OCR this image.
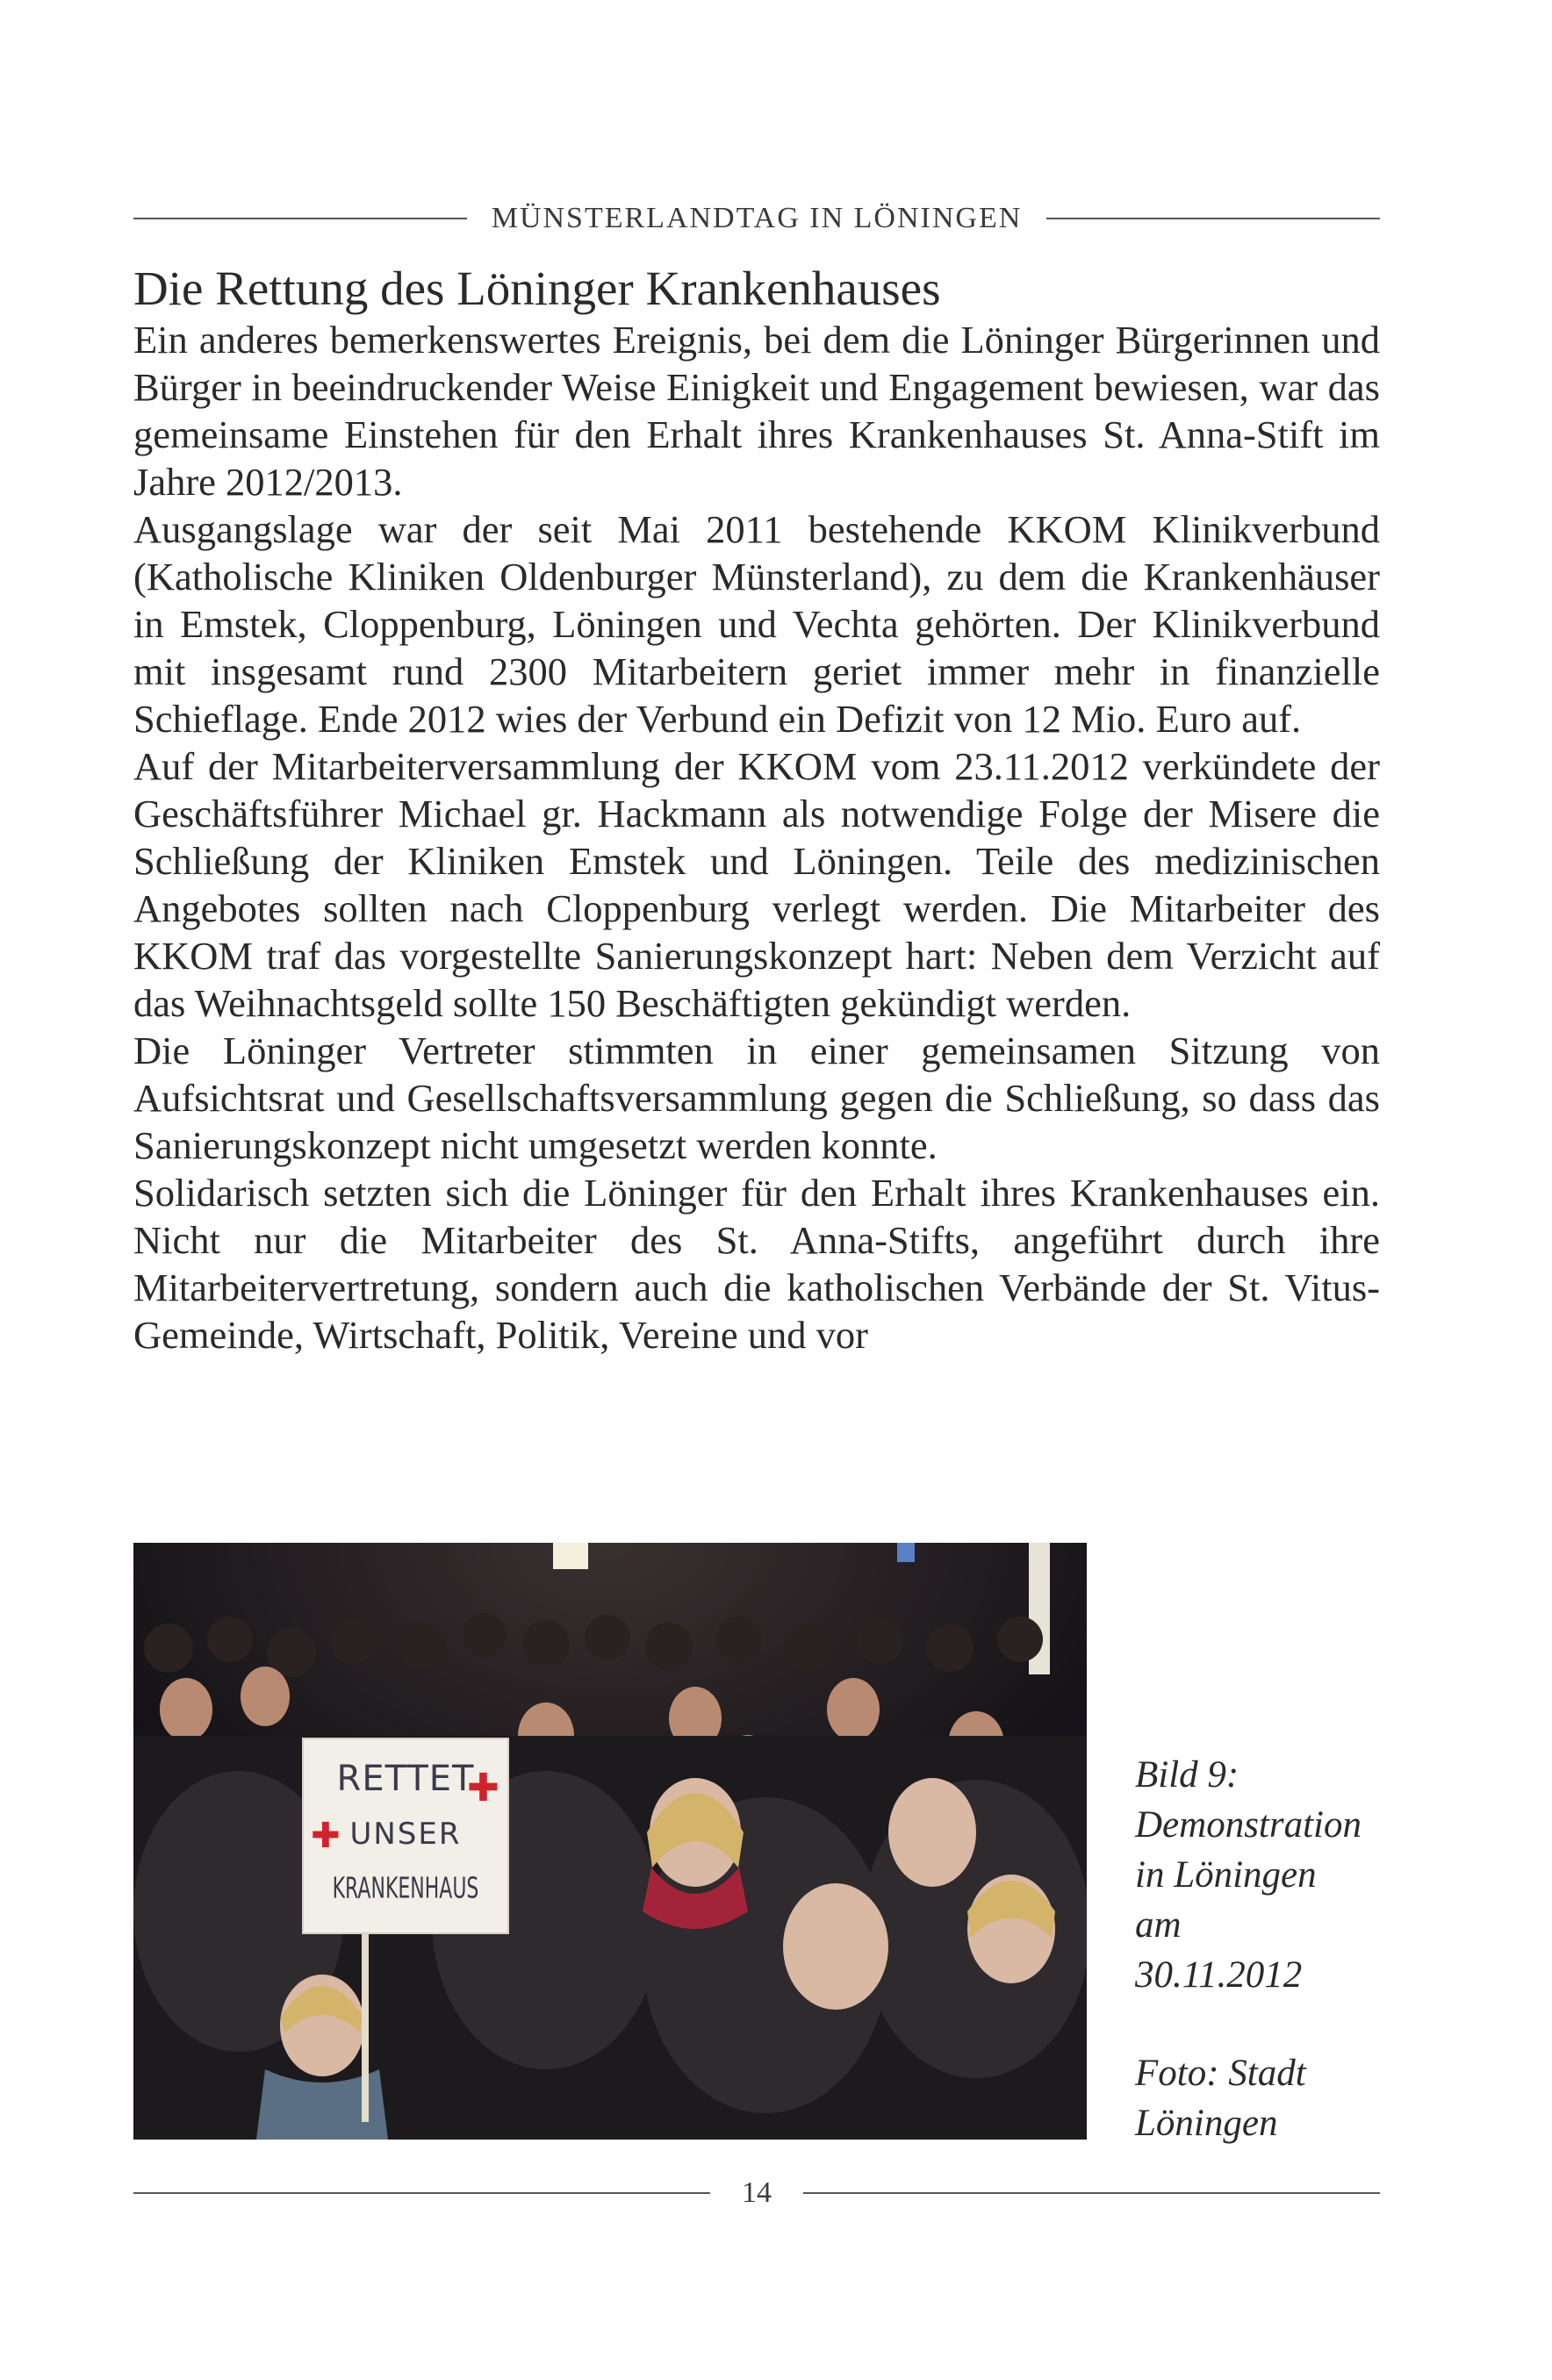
MÜNSTERLANDTAG IN LÖNINGEN
Die Rettung des Löninger Krankenhauses

Ein anderes bemerkenswertes Ereignis, bei dem die Löninger Bürgerinnen und Bürger in beeindruckender Weise Einigkeit und Engagement bewiesen, war das gemeinsame Einstehen für den Erhalt ihres Krankenhauses St. Anna-Stift im Jahre 2012/2013.

Ausgangslage war der seit Mai 2011 bestehende KKOM Klinikverbund (Katholische Kliniken Oldenburger Münsterland), zu dem die Krankenhäuser in Emstek, Cloppenburg, Löningen und Vechta gehörten. Der Klinikverbund mit insgesamt rund 2300 Mitarbeitern geriet immer mehr in finanzielle Schieflage. Ende 2012 wies der Verbund ein Defizit von 12 Mio. Euro auf.

Auf der Mitarbeiterversammlung der KKOM vom 23.11.2012 verkündete der Geschäftsführer Michael gr. Hackmann als notwendige Folge der Misere die Schließung der Kliniken Emstek und Löningen. Teile des medizinischen Angebotes sollten nach Cloppenburg verlegt werden. Die Mitarbeiter des KKOM traf das vorgestellte Sanierungskonzept hart: Neben dem Verzicht auf das Weihnachtsgeld sollte 150 Beschäftigten gekündigt werden.

Die Löninger Vertreter stimmten in einer gemeinsamen Sitzung von Aufsichtsrat und Gesellschaftsversammlung gegen die Schließung, so dass das Sanierungskonzept nicht umgesetzt werden konnte.

Solidarisch setzten sich die Löninger für den Erhalt ihres Krankenhauses ein. Nicht nur die Mitarbeiter des St. Anna-Stifts, angeführt durch ihre Mitarbeitervertretung, sondern auch die katholischen Verbände der St. Vitus-Gemeinde, Wirtschaft, Politik, Vereine und vor

RETTET
✚
UNSER
✚
KRANKENHAUS
Bild 9:
Demonstration
in Löningen
am
30.11.2012
Foto: Stadt
Löningen
14
